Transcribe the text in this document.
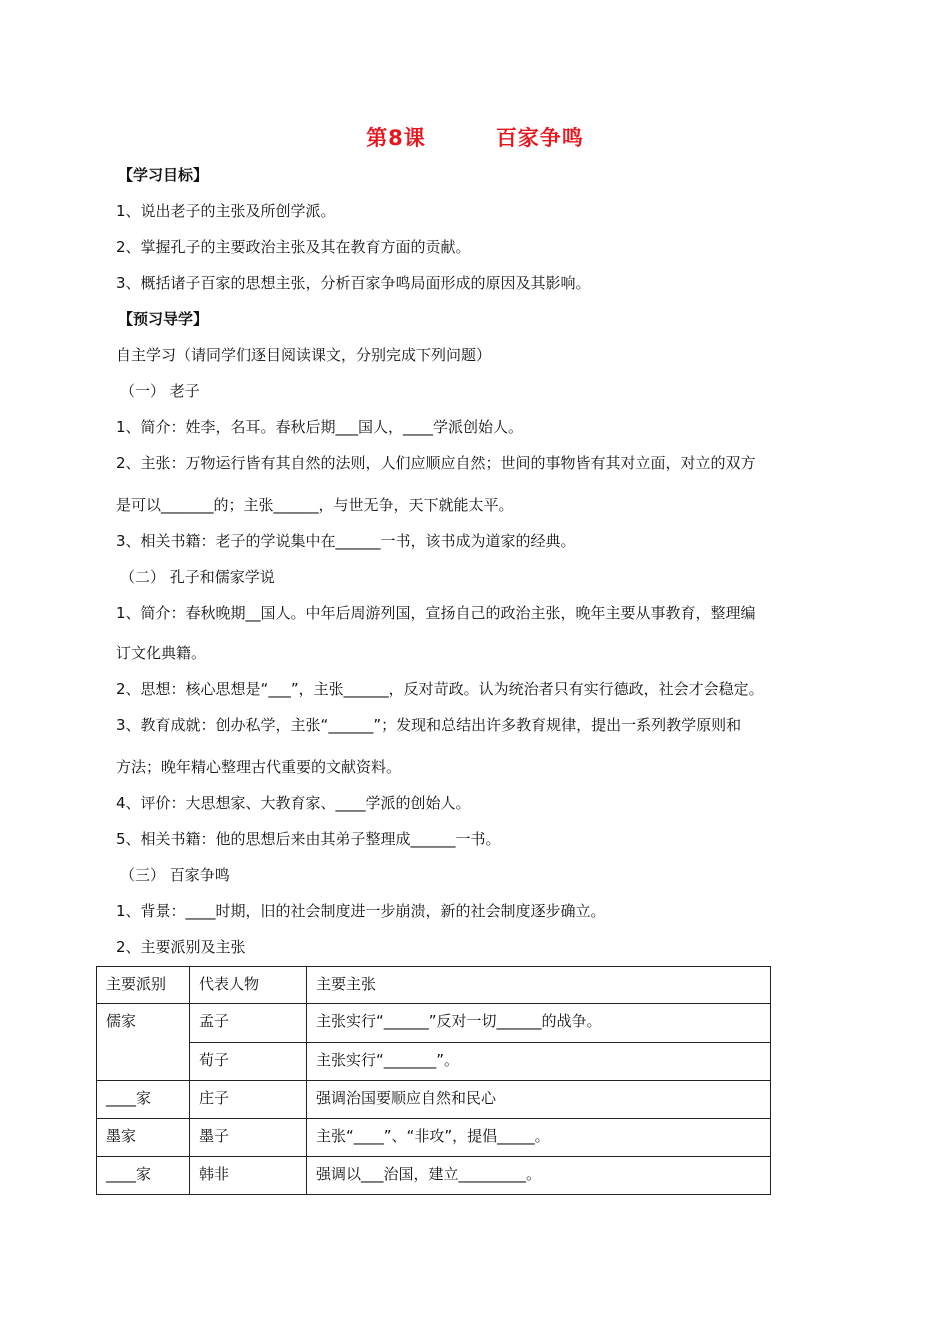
第8课	百家争鸣
【学习目标】
1、说出老子的主张及所创学派。
2、掌握孔子的主要政治主张及其在教育方面的贡献。
3、概括诸子百家的思想主张，分析百家争鸣局面形成的原因及其影响。
【预习导学】
自主学习（请同学们逐目阅读课文，分别完成下列问题）
（一） 老子
1、简介：姓李，名耳。春秋后期___国人，____学派创始人。
2、主张：万物运行皆有其自然的法则，人们应顺应自然；世间的事物皆有其对立面，对立的双方
是可以_______的；主张______，与世无争，天下就能太平。
3、相关书籍：老子的学说集中在______一书，该书成为道家的经典。
（二） 孔子和儒家学说
1、简介：春秋晚期__国人。中年后周游列国，宣扬自己的政治主张，晚年主要从事教育，整理编
订文化典籍。
2、思想：核心思想是“___”，主张______，反对苛政。认为统治者只有实行德政，社会才会稳定。
3、教育成就：创办私学，主张“______”；发现和总结出许多教育规律，提出一系列教学原则和
方法；晚年精心整理古代重要的文献资料。
4、评价：大思想家、大教育家、____学派的创始人。
5、相关书籍：他的思想后来由其弟子整理成______一书。
（三） 百家争鸣
1、背景：____时期，旧的社会制度进一步崩溃，新的社会制度逐步确立。
2、主要派别及主张
主要派别	代表人物	主要主张
儒家	孟子	主张实行“______”反对一切______的战争。
	荀子	主张实行“_______”。
____家	庄子	强调治国要顺应自然和民心
墨家	墨子	主张“____”、“非攻”，提倡_____。
____家	韩非	强调以___治国，建立_________。
